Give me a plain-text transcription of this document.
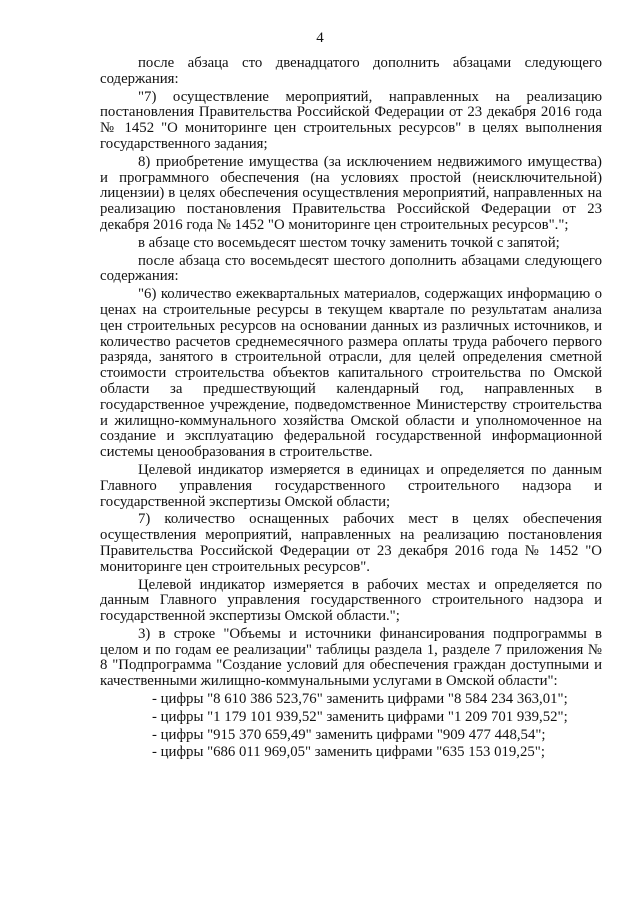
4

после абзаца сто двенадцатого дополнить абзацами следующего содержания:

"7) осуществление мероприятий, направленных на реализацию постановления Правительства Российской Федерации от 23 декабря 2016 года № 1452 "О мониторинге цен строительных ресурсов" в целях выполнения государственного задания;

8) приобретение имущества (за исключением недвижимого имущества) и программного обеспечения (на условиях простой (неисключительной) лицензии) в целях обеспечения осуществления мероприятий, направленных на реализацию постановления Правительства Российской Федерации от 23 декабря 2016 года № 1452 "О мониторинге цен строительных ресурсов".";

в абзаце сто восемьдесят шестом точку заменить точкой с запятой;

после абзаца сто восемьдесят шестого дополнить абзацами следующего содержания:

"6) количество ежеквартальных материалов, содержащих информацию о ценах на строительные ресурсы в текущем квартале по результатам анализа цен строительных ресурсов на основании данных из различных источников, и количество расчетов среднемесячного размера оплаты труда рабочего первого разряда, занятого в строительной отрасли, для целей определения сметной стоимости строительства объектов капитального строительства по Омской области за предшествующий календарный год, направленных в государственное учреждение, подведомственное Министерству строительства и жилищно-коммунального хозяйства Омской области и уполномоченное на создание и эксплуатацию федеральной государственной информационной системы ценообразования в строительстве.

Целевой индикатор измеряется в единицах и определяется по данным Главного управления государственного строительного надзора и государственной экспертизы Омской области;

7) количество оснащенных рабочих мест в целях обеспечения осуществления мероприятий, направленных на реализацию постановления Правительства Российской Федерации от 23 декабря 2016 года № 1452 "О мониторинге цен строительных ресурсов".

Целевой индикатор измеряется в рабочих местах и определяется по данным Главного управления государственного строительного надзора и государственной экспертизы Омской области.";

3) в строке "Объемы и источники финансирования подпрограммы в целом и по годам ее реализации" таблицы раздела 1, разделе 7 приложения № 8 "Подпрограмма "Создание условий для обеспечения граждан доступными и качественными жилищно-коммунальными услугами в Омской области":

- цифры "8 610 386 523,76" заменить цифрами "8 584 234 363,01";

- цифры "1 179 101 939,52" заменить цифрами "1 209 701 939,52";

- цифры "915 370 659,49" заменить цифрами "909 477 448,54";

- цифры "686 011 969,05" заменить цифрами "635 153 019,25";
